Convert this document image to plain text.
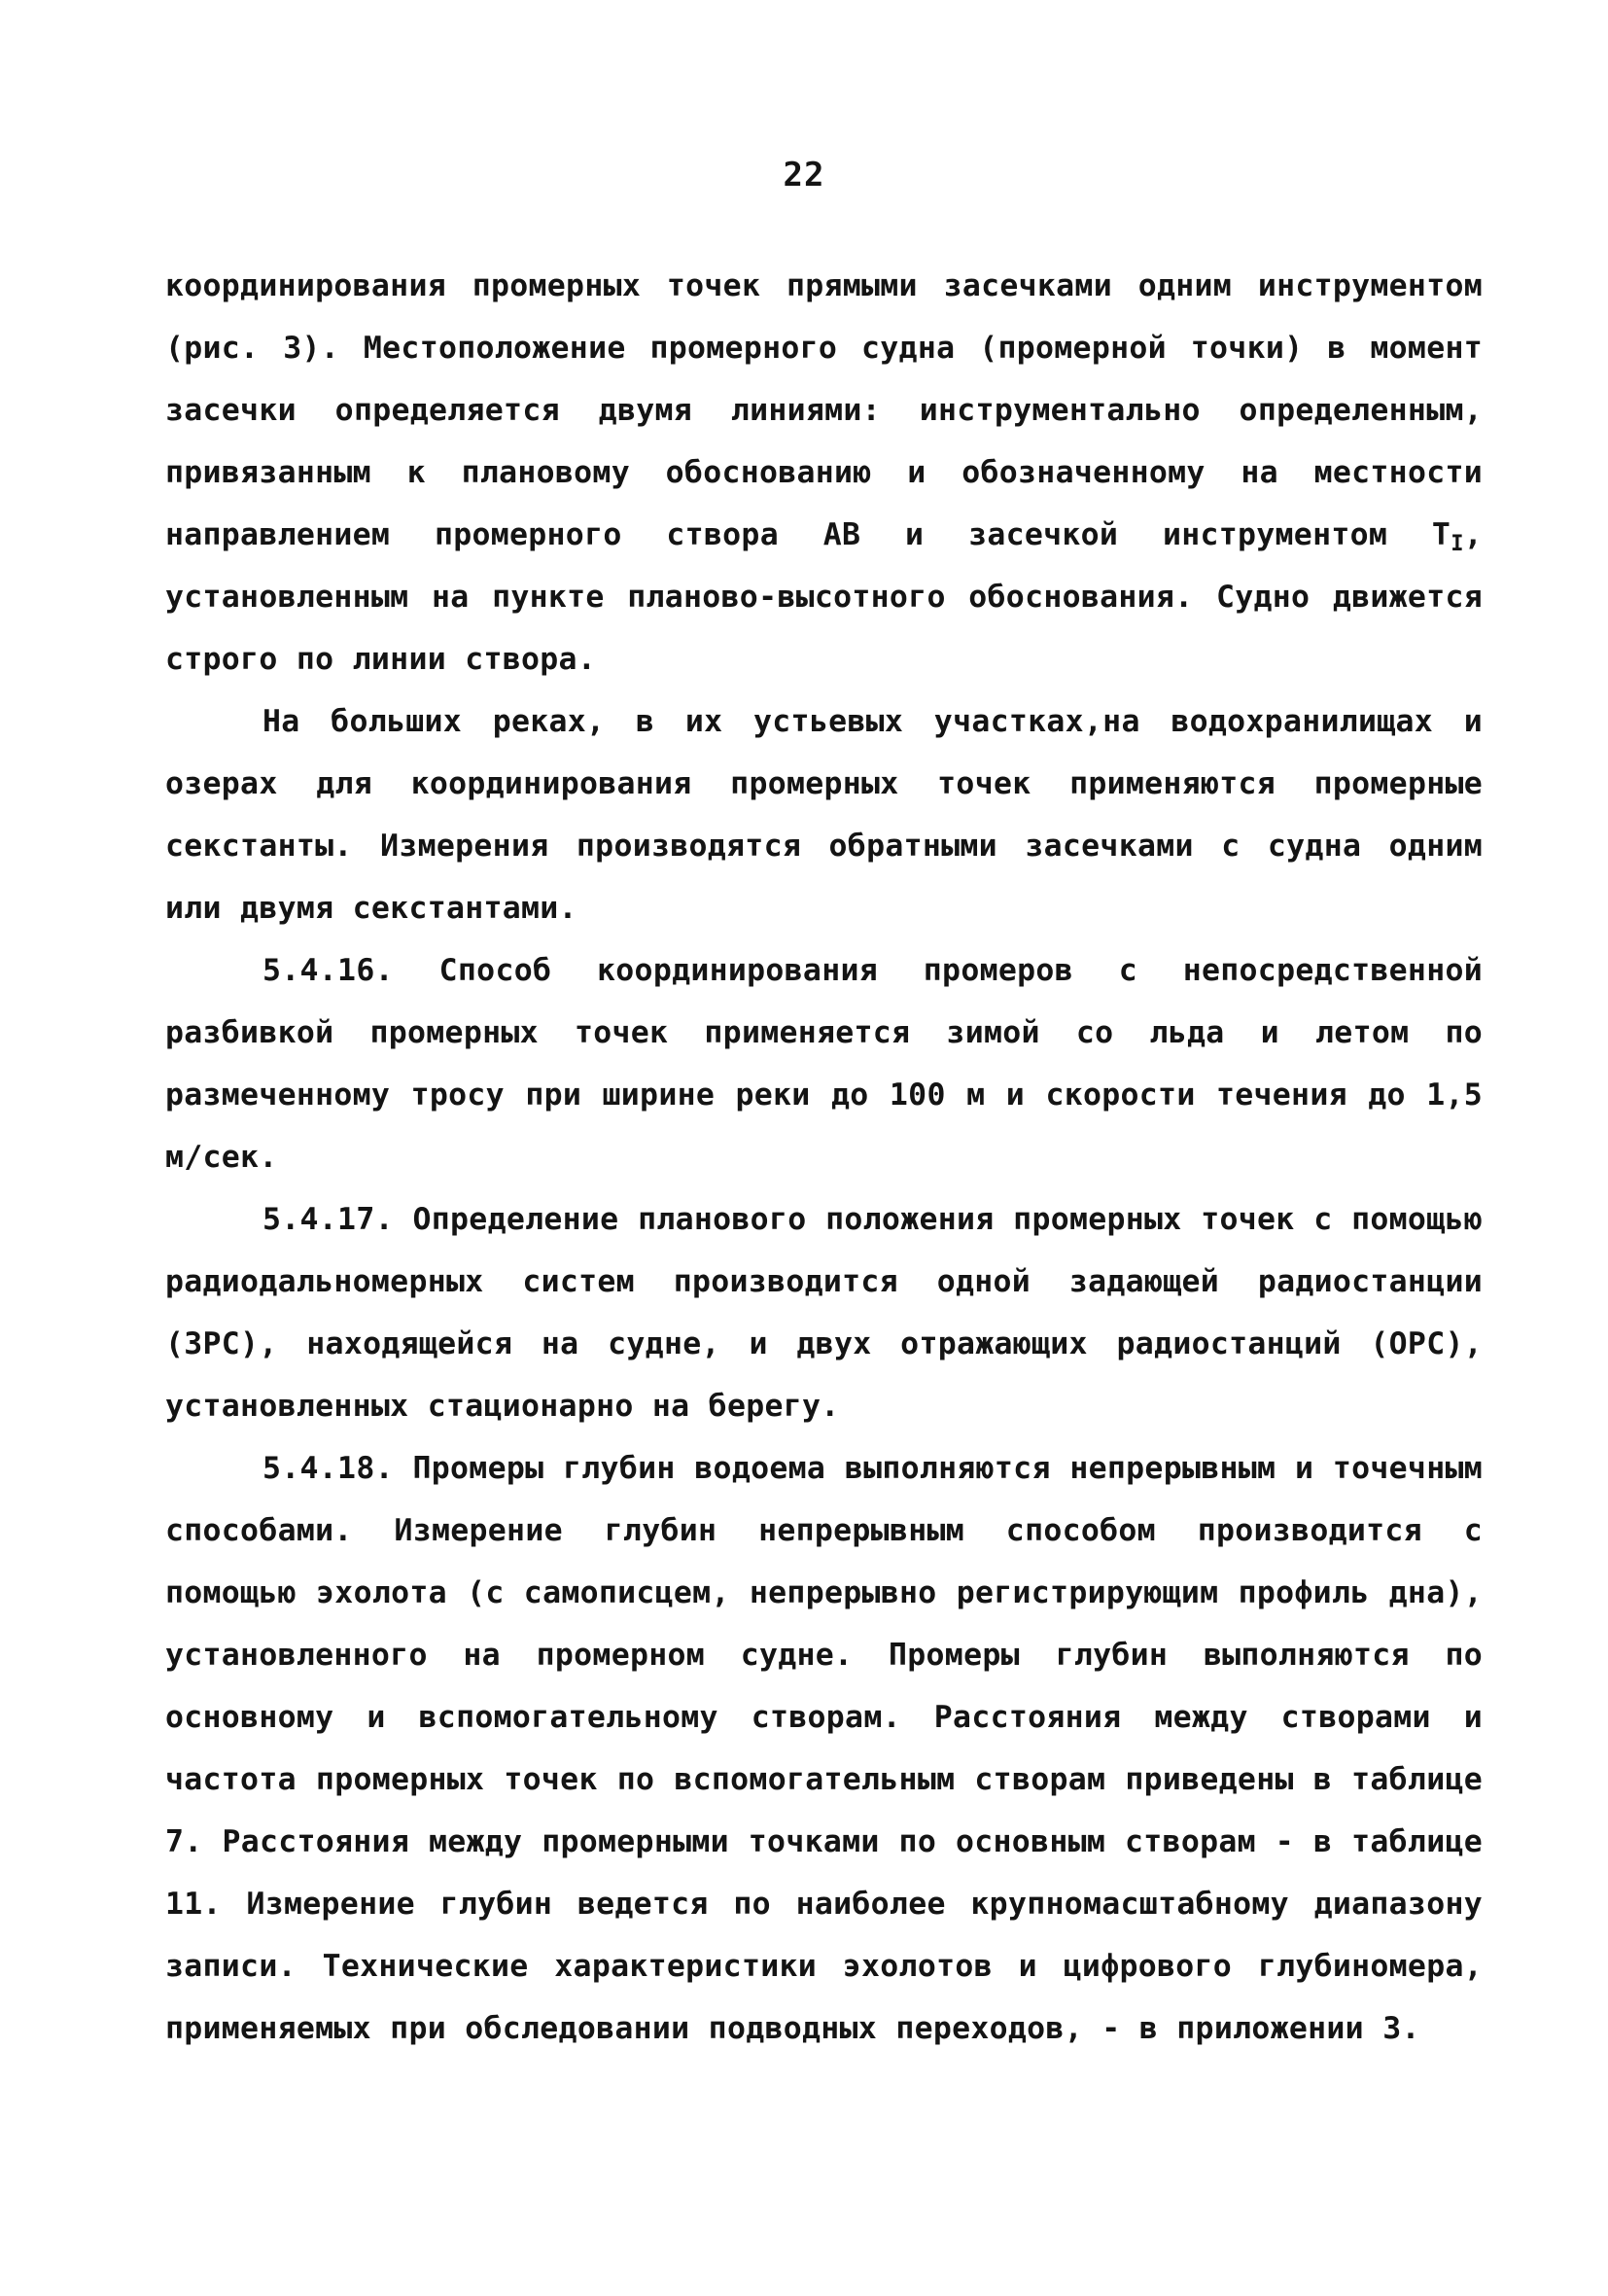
22

координирования промерных точек прямыми засечками одним инструментом (рис. 3). Местоположение промерного судна (промерной точки) в момент засечки определяется двумя линиями: инструментально определенным, привязанным к плановому обоснованию и обозначенному на местности направлением промерного створа АВ и засечкой инструментом $Т_I$, установленным на пункте планово-высотного обоснования. Судно движется строго по линии створа.

На больших реках, в их устьевых участках,на водохранилищах и озерах для координирования промерных точек применяются промерные секстанты. Измерения производятся обратными засечками с судна одним или двумя секстантами.

5.4.16. Способ координирования промеров с непосредственной разбивкой промерных точек применяется зимой со льда и летом по размеченному тросу при ширине реки до 100 м и скорости течения до 1,5 м/сек.

5.4.17. Определение планового положения промерных точек с помощью радиодальномерных систем производится одной задающей радиостанции (ЗРС), находящейся на судне, и двух отражающих радиостанций (ОРС), установленных стационарно на берегу.

5.4.18. Промеры глубин водоема выполняются непрерывным и точечным способами. Измерение глубин непрерывным способом производится с помощью эхолота (с самописцем, непрерывно регистрирующим профиль дна), установленного на промерном судне. Промеры глубин выполняются по основному и вспомогательному створам. Расстояния между створами и частота промерных точек по вспомогательным створам приведены в таблице 7. Расстояния между промерными точками по основным створам - в таблице 11. Измерение глубин ведется по наиболее крупномасштабному диапазону записи. Технические характеристики эхолотов и цифрового глубиномера, применяемых при обследовании подводных переходов, - в приложении 3.
